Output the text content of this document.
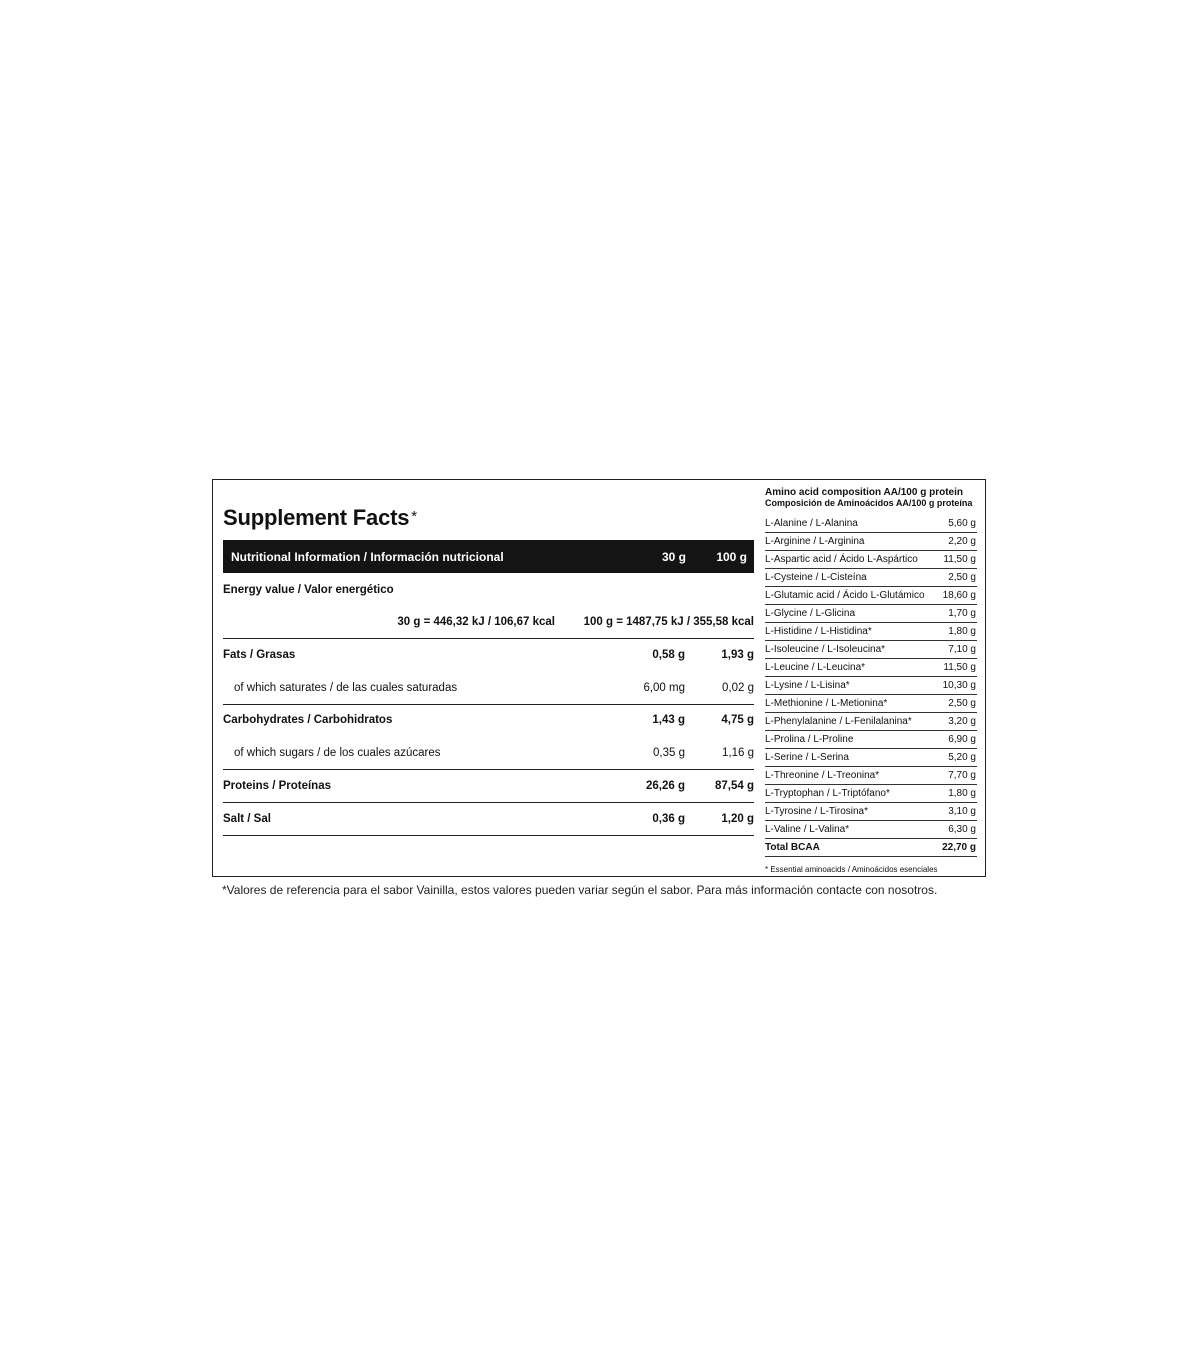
Supplement Facts *
Nutritional Information / Información nutricional	30 g	100 g
Energy value / Valor energético
30 g = 446,32 kJ / 106,67 kcal 100 g = 1487,75 kJ / 355,58 kcal
Fats / Grasas	0,58 g	1,93 g
of which saturates / de las cuales saturadas	6,00 mg	0,02 g
Carbohydrates / Carbohidratos	1,43 g	4,75 g
of which sugars / de los cuales azúcares	0,35 g	1,16 g
Proteins / Proteínas	26,26 g	87,54 g
Salt / Sal	0,36 g	1,20 g
Amino acid composition AA/100 g protein
Composición de Aminoácidos AA/100 g proteína
L-Alanine / L-Alanina	5,60 g
L-Arginine / L-Arginina	2,20 g
L-Aspartic acid / Ácido L-Aspártico	11,50 g
L-Cysteine / L-Cisteína	2,50 g
L-Glutamic acid / Ácido L-Glutámico 18,60 g
L-Glycine / L-Glicina	1,70 g
L-Histidine / L-Histidina*	1,80 g
L-Isoleucine / L-Isoleucina*	7,10 g
L-Leucine / L-Leucina*	11,50 g
L-Lysine / L-Lisina*	10,30 g
L-Methionine / L-Metionina*	2,50 g
L-Phenylalanine / L-Fenilalanina*	3,20 g
L-Prolina / L-Proline	6,90 g
L-Serine / L-Serina	5,20 g
L-Threonine / L-Treonina*	7,70 g
L-Tryptophan / L-Triptófano*	1,80 g
L-Tyrosine / L-Tirosina*	3,10 g
L-Valine / L-Valina*	6,30 g
Total BCAA	22,70 g
* Essential aminoacids / Aminoácidos esenciales
*Valores de referencia para el sabor Vainilla, estos valores pueden variar según el sabor. Para más información contacte con nosotros.
